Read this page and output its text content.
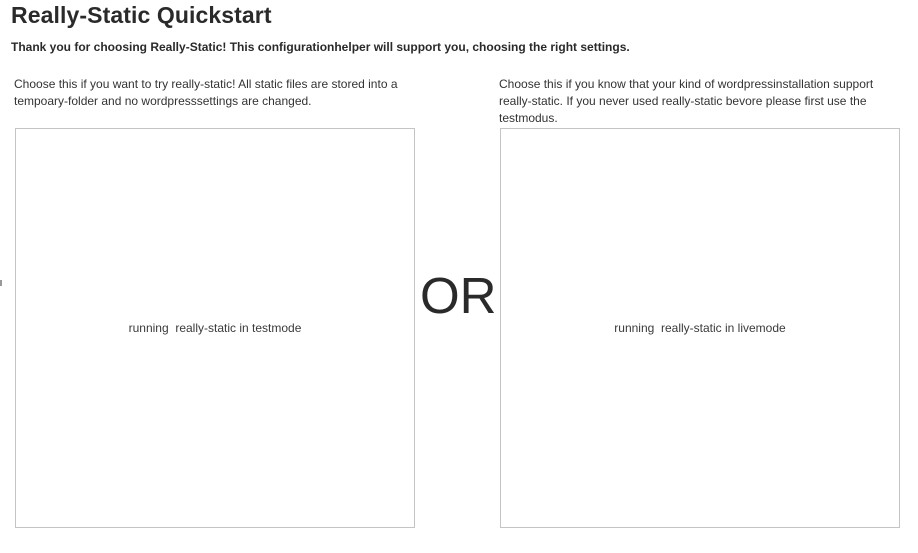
Really-Static Quickstart

Thank you for choosing Really-Static! This configurationhelper will support you, choosing the right settings.

Choose this if you want to try really-static! All static files are stored into a tempoary-folder and no wordpresssettings are changed.

running  really-static in testmode
OR

Choose this if you know that your kind of wordpressinstallation support really-static. If you never used really-static bevore please first use the testmodus.

running  really-static in livemode
